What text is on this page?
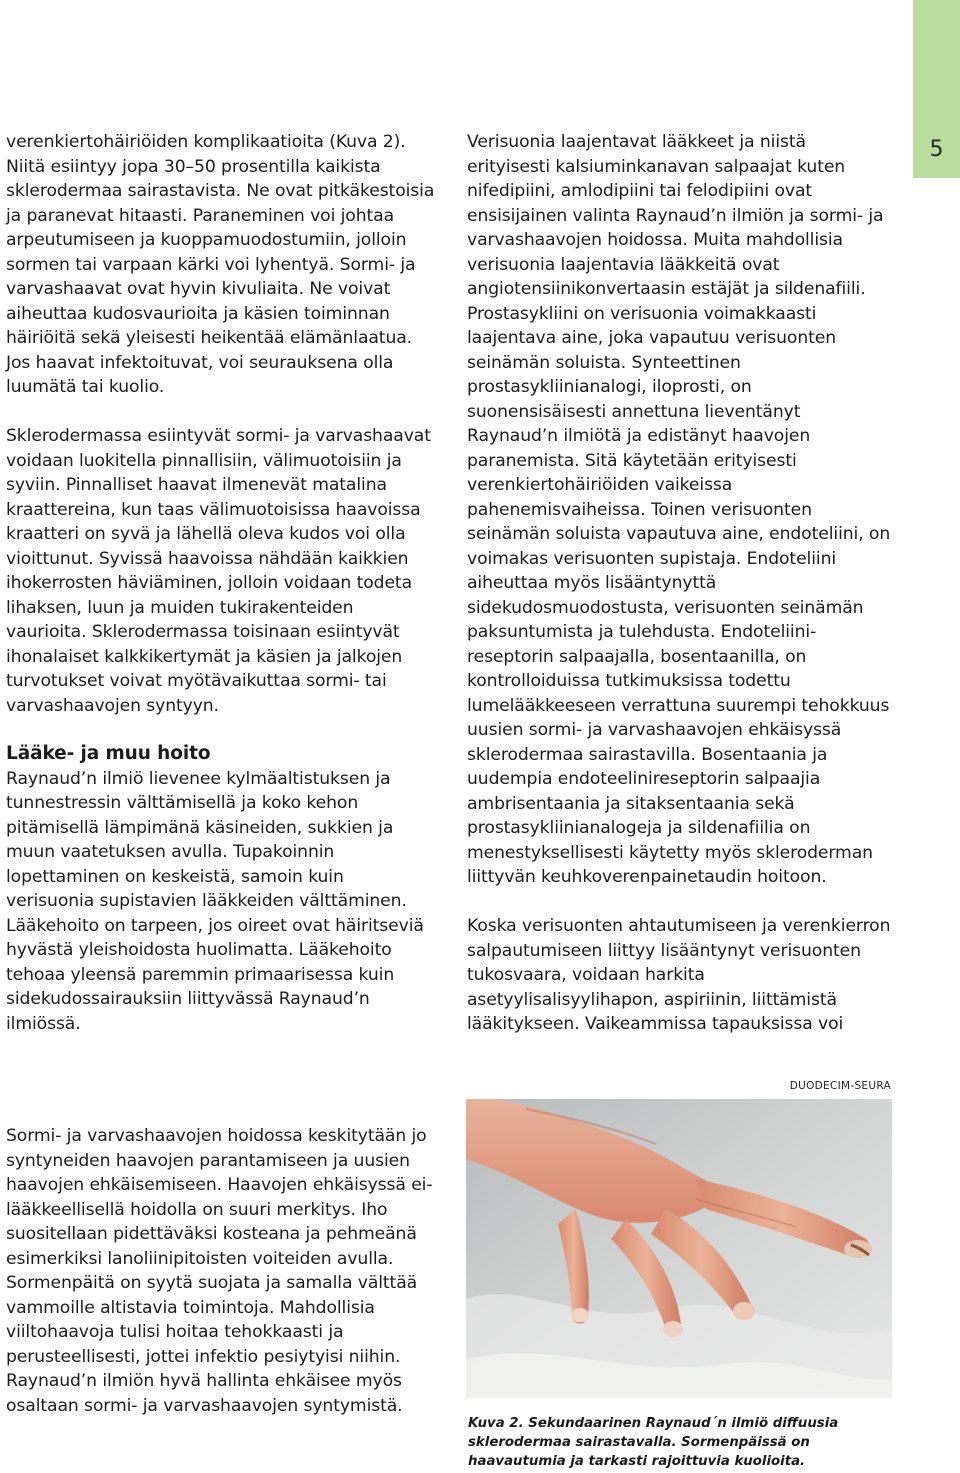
5

verenkiertohäiriöiden komplikaatioita (Kuva 2). Niitä esiintyy jopa 30–50 prosentilla kaikista sklerodermaa sairastavista. Ne ovat pitkäkestoisia ja paranevat hitaasti. Paraneminen voi johtaa arpeutumiseen ja kuoppamuodostumiin, jolloin sormen tai varpaan kärki voi lyhentyä. Sormi- ja varvashaavat ovat hyvin kivuliaita. Ne voivat aiheuttaa kudosvaurioita ja käsien toiminnan häiriöitä sekä yleisesti heikentää elämänlaatua. Jos haavat infektoituvat, voi seurauksena olla luumätä tai kuolio.

Sklerodermassa esiintyvät sormi- ja varvashaavat voidaan luokitella pinnallisiin, välimuotoisiin ja syviin. Pinnalliset haavat ilmenevät matalina kraattereina, kun taas välimuotoisissa haavoissa kraatteri on syvä ja lähellä oleva kudos voi olla vioittunut. Syvissä haavoissa nähdään kaikkien ihokerrosten häviäminen, jolloin voidaan todeta lihaksen, luun ja muiden tukirakenteiden vaurioita. Sklerodermassa toisinaan esiintyvät ihonalaiset kalkkikertymät ja käsien ja jalkojen turvotukset voivat myötävaikuttaa sormi- tai varvashaavojen syntyyn.

Lääke- ja muu hoito

Raynaud’n ilmiö lievenee kylmäaltistuksen ja tunnestressin välttämisellä ja koko kehon pitämisellä lämpimänä käsineiden, sukkien ja muun vaatetuksen avulla. Tupakoinnin lopettaminen on keskeistä, samoin kuin verisuonia supistavien lääkkeiden välttäminen. Lääkehoito on tarpeen, jos oireet ovat häiritseviä hyvästä yleishoidosta huolimatta. Lääkehoito tehoaa yleensä paremmin primaarisessa kuin sidekudossairauksiin liittyvässä Raynaud’n ilmiössä.

Sormi- ja varvashaavojen hoidossa keskitytään jo syntyneiden haavojen parantamiseen ja uusien haavojen ehkäisemiseen. Haavojen ehkäisyssä ei-lääkkeellisellä hoidolla on suuri merkitys. Iho suositellaan pidettäväksi kosteana ja pehmeänä esimerkiksi lanoliinipitoisten voiteiden avulla. Sormenpäitä on syytä suojata ja samalla välttää vammoille altistavia toimintoja. Mahdollisia viiltohaavoja tulisi hoitaa tehokkaasti ja perusteellisesti, jottei infektio pesiytyisi niihin. Raynaud’n ilmiön hyvä hallinta ehkäisee myös osaltaan sormi- ja varvashaavojen syntymistä.

Verisuonia laajentavat lääkkeet ja niistä erityisesti kalsiuminkanavan salpaajat kuten nifedipiini, amlodipiini tai felodipiini ovat ensisijainen valinta Raynaud’n ilmiön ja sormi- ja varvashaavojen hoidossa. Muita mahdollisia verisuonia laajentavia lääkkeitä ovat angiotensiinikonvertaasin estäjät ja sildenafiili. Prostasykliini on verisuonia voimakkaasti laajentava aine, joka vapautuu verisuonten seinämän soluista. Synteettinen prostasykliinianalogi, iloprosti, on suonensisäisesti annettuna lieventänyt Raynaud’n ilmiötä ja edistänyt haavojen paranemista. Sitä käytetään erityisesti verenkiertohäiriöiden vaikeissa pahenemisvaiheissa. Toinen verisuonten seinämän soluista vapautuva aine, endoteliini, on voimakas verisuonten supistaja. Endoteliini aiheuttaa myös lisääntynyttä sidekudosmuodostusta, verisuonten seinämän paksuntumista ja tulehdusta. Endoteliini-reseptorin salpaajalla, bosentaanilla, on kontrolloiduissa tutkimuksissa todettu lumelääkkeeseen verrattuna suurempi tehokkuus uusien sormi- ja varvashaavojen ehkäisyssä sklerodermaa sairastavilla. Bosentaania ja uudempia endoteelinireseptorin salpaajia ambrisentaania ja sitaksentaania sekä prostasykliinianalogeja ja sildenafiilia on menestyksellisesti käytetty myös skleroderman liittyvän keuhkoverenpainetaudin hoitoon.

Koska verisuonten ahtautumiseen ja verenkierron salpautumiseen liittyy lisääntynyt verisuonten tukosvaara, voidaan harkita asetyylisalisyylihapon, aspiriinin, liittämistä lääkitykseen. Vaikeammissa tapauksissa voi

DUODECIM-SEURA
Kuva 2. Sekundaarinen Raynaud´n ilmiö diffuusia sklerodermaa sairastavalla. Sormenpäissä on haavautumia ja tarkasti rajoittuvia kuolioita.
